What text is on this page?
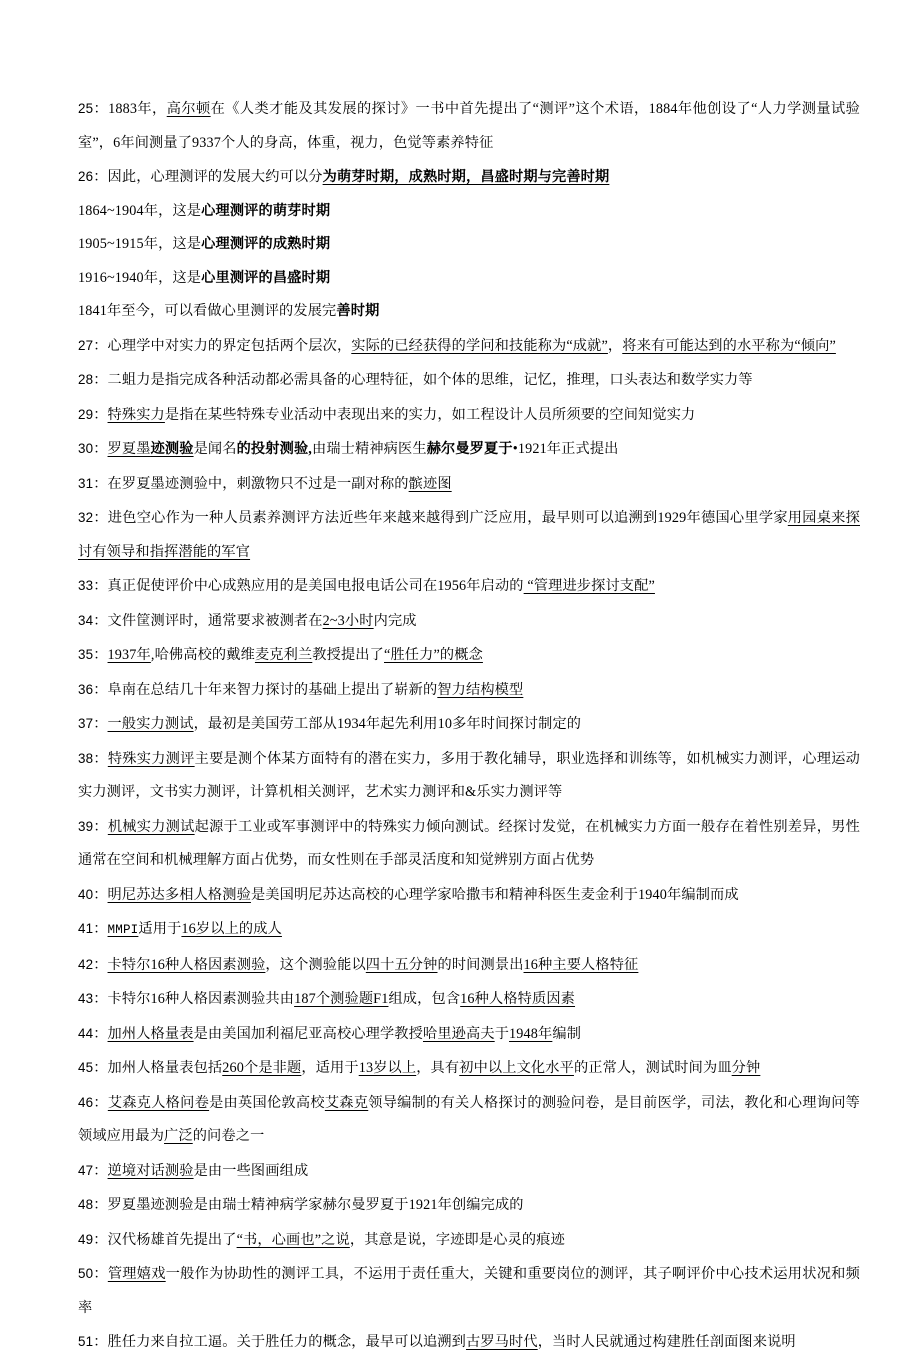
25：1883年，高尔顿在《人类才能及其发展的探讨》一书中首先提出了“测评”这个术语，1884年他创设了“人力学测量试验室”，6年间测量了9337个人的身高，体重，视力，色觉等素养特征

26：因此，心理测评的发展大约可以分为萌芽时期，成熟时期，昌盛时期与完善时期

1864~1904年，这是心理测评的萌芽时期

1905~1915年，这是心理测评的成熟时期

1916~1940年，这是心里测评的昌盛时期

1841年至今，可以看做心里测评的发展完善时期

27：心理学中对实力的界定包括两个层次，实际的已经获得的学问和技能称为“成就”，将来有可能达到的水平称为“倾向”

28：二蛆力是指完成各种活动都必需具备的心理特征，如个体的思维，记忆，推理，口头表达和数学实力等

29：特殊实力是指在某些特殊专业活动中表现出来的实力，如工程设计人员所须要的空间知觉实力

30：罗夏墨迹测验是闻名的投射测验,由瑞士精神病医生赫尔曼罗夏于•1921年正式提出

31：在罗夏墨迹测验中，刺激物只不过是一副对称的髌迹图

32：进色空心作为一种人员素养测评方法近些年来越来越得到广泛应用，最早则可以追溯到1929年德国心里学家用园桌来探讨有领导和指挥潜能的军官

33：真正促使评价中心成熟应用的是美国电报电话公司在1956年启动的 “管理进步探讨支配”

34：文件筐测评时，通常要求被测者在2~3小时内完成

35：1937年,哈佛高校的戴维麦克利兰教授提出了“胜任力”的概念

36：阜南在总结几十年来智力探讨的基础上提出了崭新的智力结构模型

37：一般实力测试，最初是美国劳工部从1934年起先利用10多年时间探讨制定的

38：特殊实力测评主要是测个体某方面特有的潜在实力，多用于教化辅导，职业选择和训练等，如机械实力测评，心理运动实力测评，文书实力测评，计算机相关测评，艺术实力测评和&乐实力测评等

39：机械实力测试起源于工业或军事测评中的特殊实力倾向测试。经探讨发觉，在机械实力方面一般存在着性别差异，男性通常在空间和机械理解方面占优势，而女性则在手部灵活度和知觉辨别方面占优势

40：明尼苏达多相人格测验是美国明尼苏达高校的心理学家哈撒韦和精神科医生麦金利于1940年编制而成

41：MMPI适用于16岁以上的成人

42：卡特尔16种人格因素测验，这个测验能以四十五分钟的时间测景出16种主要人格特征

43：卡特尔16种人格因素测验共由187个测验题F1组成，包含16种人格特质因素

44：加州人格量表是由美国加利福尼亚高校心理学教授哈里逊高夫于1948年编制

45：加州人格量表包括260个是非题，适用于13岁以上，具有初中以上文化水平的正常人，测试时间为皿分钟

46：艾森克人格问卷是由英国伦敦高校艾森克领导编制的有关人格探讨的测验问卷，是目前医学，司法，教化和心理询问等领域应用最为广泛的问卷之一

47：逆境对话测验是由一些图画组成

48：罗夏墨迹测验是由瑞士精神病学家赫尔曼罗夏于1921年创编完成的

49：汉代杨雄首先提出了“书，心画也”之说，其意是说，字迹即是心灵的痕迹

50：管理嬉戏一般作为协助性的测评工具，不运用于责任重大，关键和重要岗位的测评，其子啊评价中心技术运用状况和频率

51：胜任力来自拉工逼。关于胜任力的概念，最早可以追溯到古罗马时代，当时人民就通过构建胜任剖面图来说明
